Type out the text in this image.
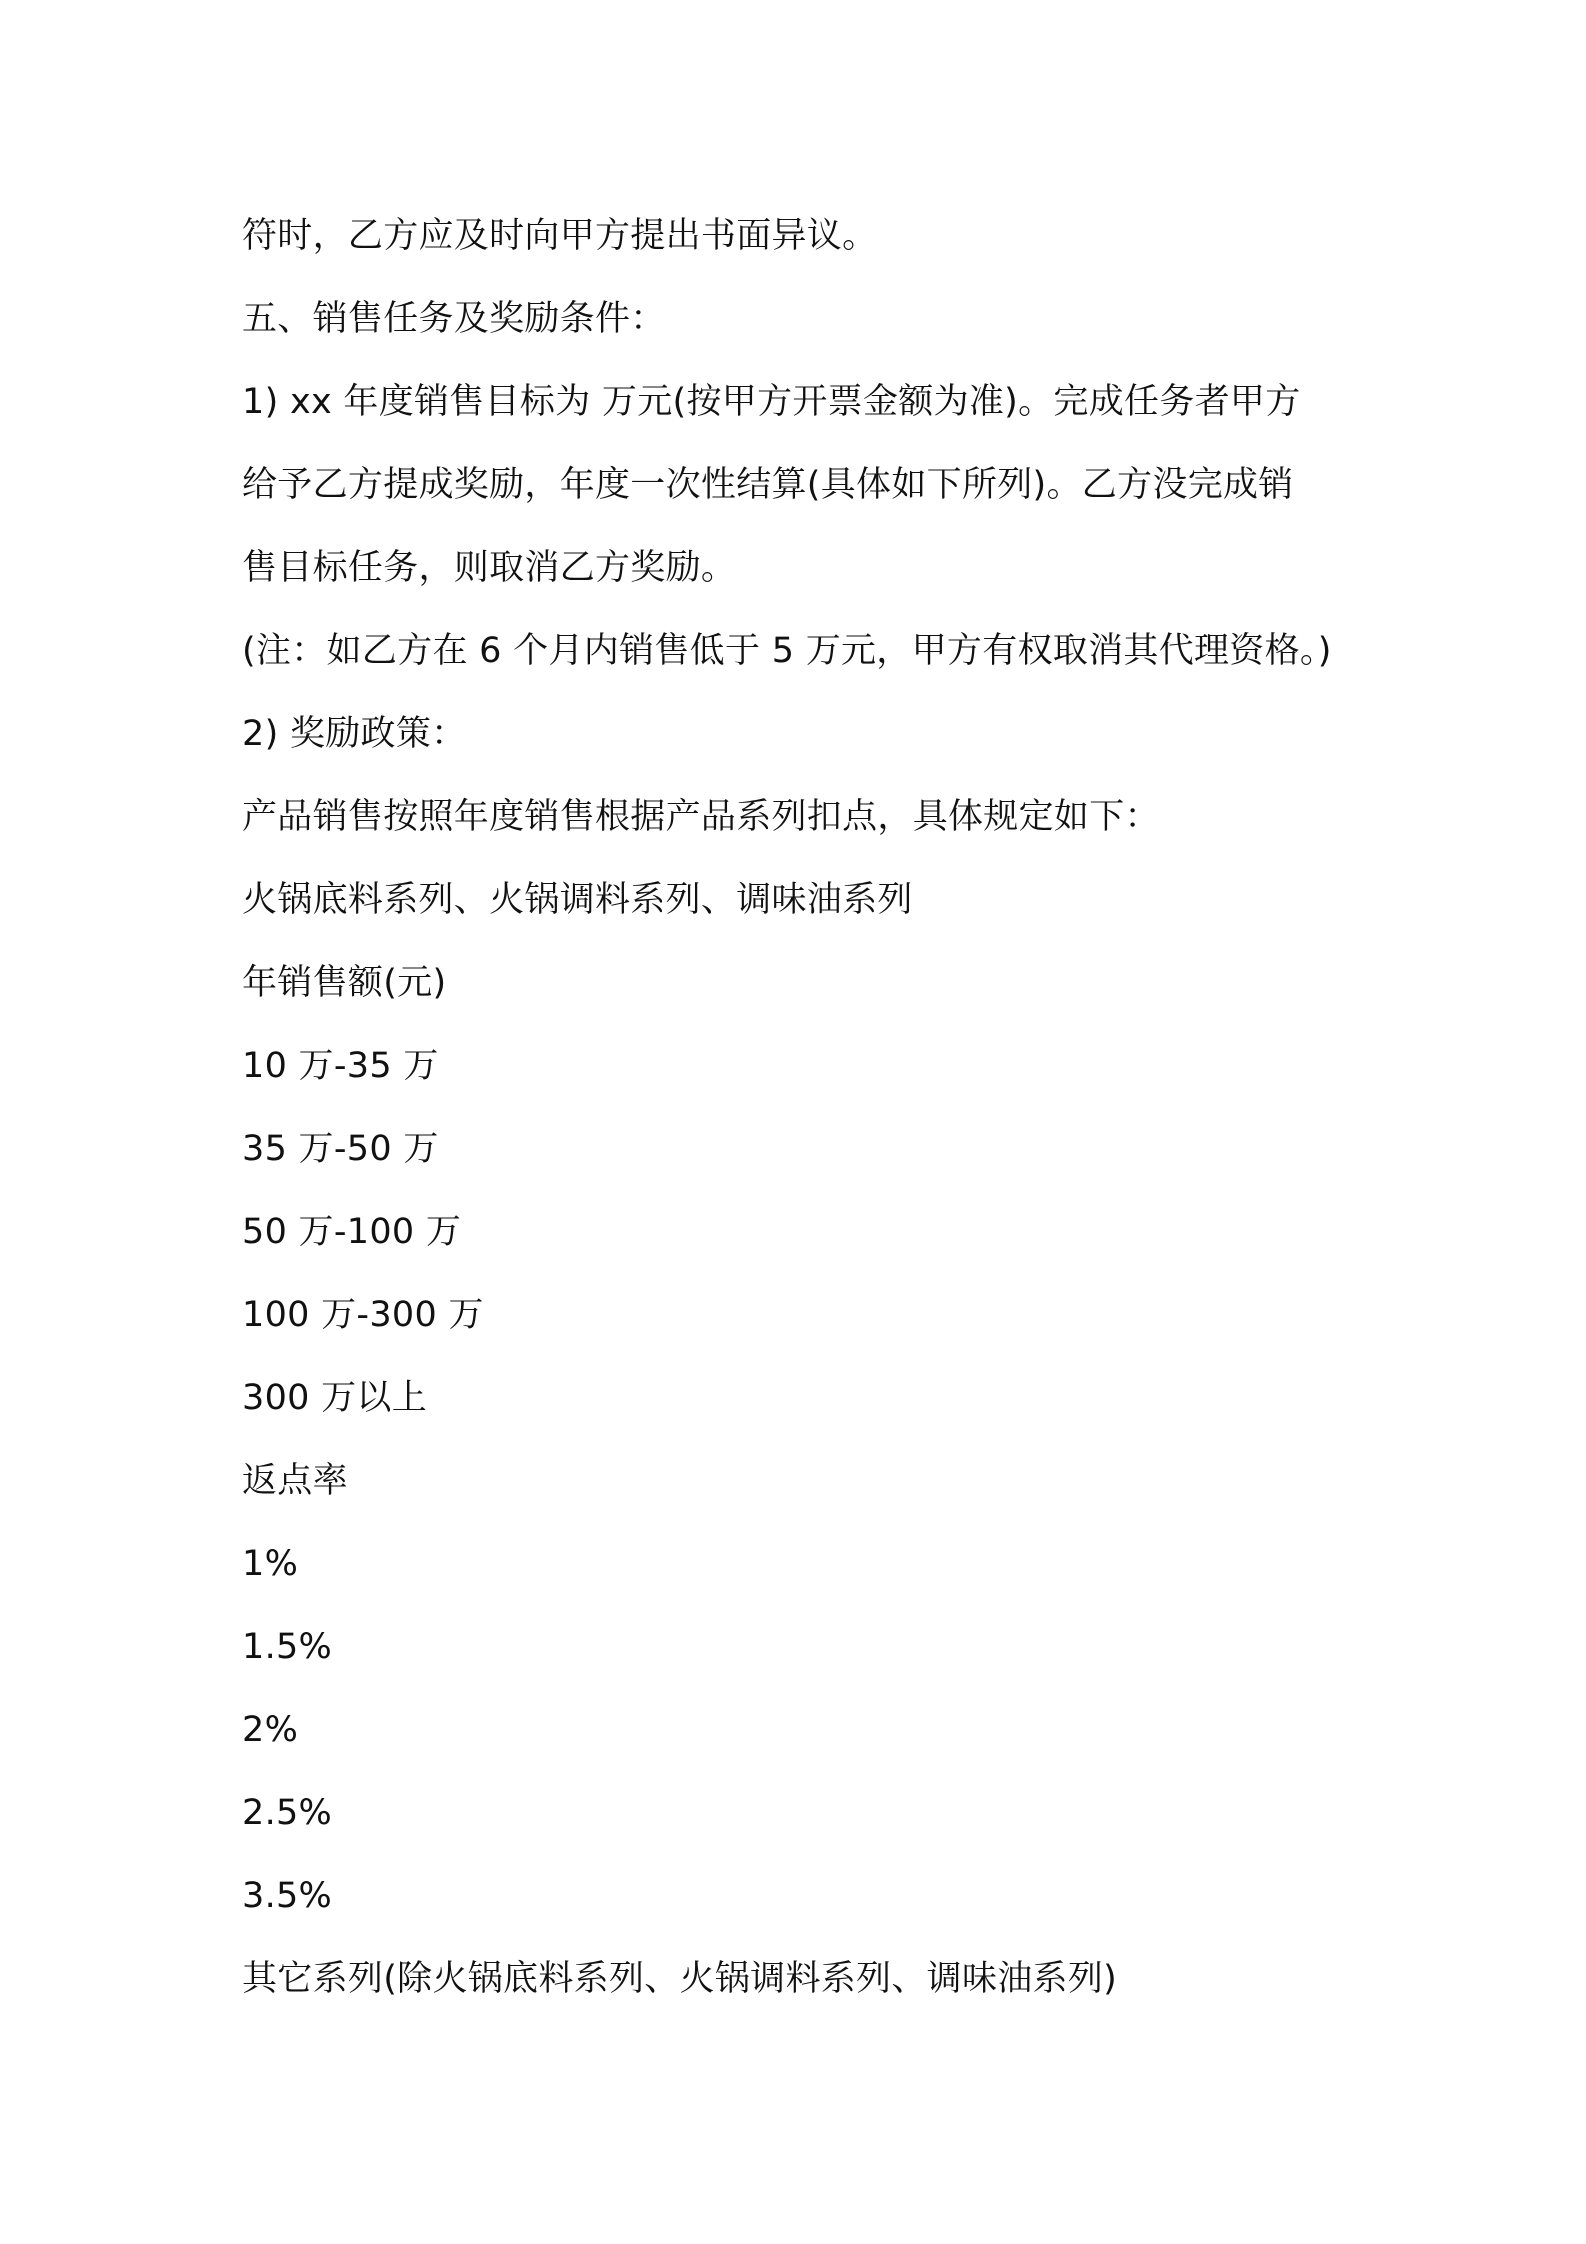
符时，乙方应及时向甲方提出书面异议。
五、销售任务及奖励条件：
1) xx 年度销售目标为 万元(按甲方开票金额为准)。完成任务者甲方
给予乙方提成奖励，年度一次性结算(具体如下所列)。乙方没完成销
售目标任务，则取消乙方奖励。
(注：如乙方在 6 个月内销售低于 5 万元，甲方有权取消其代理资格。)
2) 奖励政策：
产品销售按照年度销售根据产品系列扣点，具体规定如下：
火锅底料系列、火锅调料系列、调味油系列
年销售额(元)
10 万-35 万
35 万-50 万
50 万-100 万
100 万-300 万
300 万以上
返点率
1%
1.5%
2%
2.5%
3.5%
其它系列(除火锅底料系列、火锅调料系列、调味油系列)
